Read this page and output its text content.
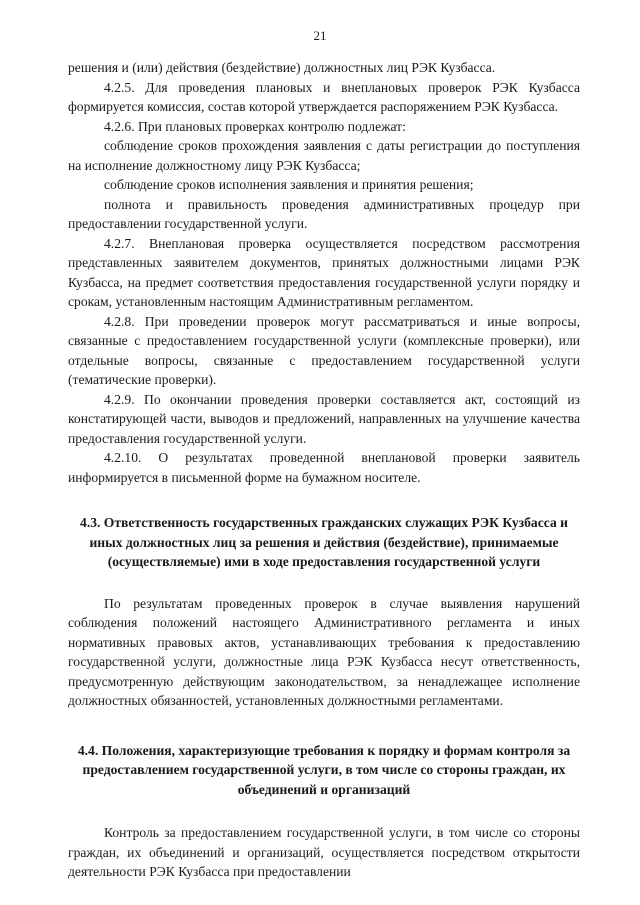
21

решения и (или) действия (бездействие) должностных лиц РЭК Кузбасса.

4.2.5. Для проведения плановых и внеплановых проверок РЭК Кузбасса формируется комиссия, состав которой утверждается распоряжением РЭК Кузбасса.

4.2.6. При плановых проверках контролю подлежат:

соблюдение сроков прохождения заявления с даты регистрации до поступления на исполнение должностному лицу РЭК Кузбасса;

соблюдение сроков исполнения заявления и принятия решения;

полнота и правильность проведения административных процедур при предоставлении государственной услуги.

4.2.7. Внеплановая проверка осуществляется посредством рассмотрения представленных заявителем документов, принятых должностными лицами РЭК Кузбасса, на предмет соответствия предоставления государственной услуги порядку и срокам, установленным настоящим Административным регламентом.

4.2.8. При проведении проверок могут рассматриваться и иные вопросы, связанные с предоставлением государственной услуги (комплексные проверки), или отдельные вопросы, связанные с предоставлением государственной услуги (тематические проверки).

4.2.9. По окончании проведения проверки составляется акт, состоящий из констатирующей части, выводов и предложений, направленных на улучшение качества предоставления государственной услуги.

4.2.10. О результатах проведенной внеплановой проверки заявитель информируется в письменной форме на бумажном носителе.

4.3. Ответственность государственных гражданских служащих РЭК Кузбасса и иных должностных лиц за решения и действия (бездействие), принимаемые (осуществляемые) ими в ходе предоставления государственной услуги

По результатам проведенных проверок в случае выявления нарушений соблюдения положений настоящего Административного регламента и иных нормативных правовых актов, устанавливающих требования к предоставлению государственной услуги, должностные лица РЭК Кузбасса несут ответственность, предусмотренную действующим законодательством, за ненадлежащее исполнение должностных обязанностей, установленных должностными регламентами.

4.4. Положения, характеризующие требования к порядку и формам контроля за предоставлением государственной услуги, в том числе со стороны граждан, их объединений и организаций

Контроль за предоставлением государственной услуги, в том числе со стороны граждан, их объединений и организаций, осуществляется посредством открытости деятельности РЭК Кузбасса при предоставлении
